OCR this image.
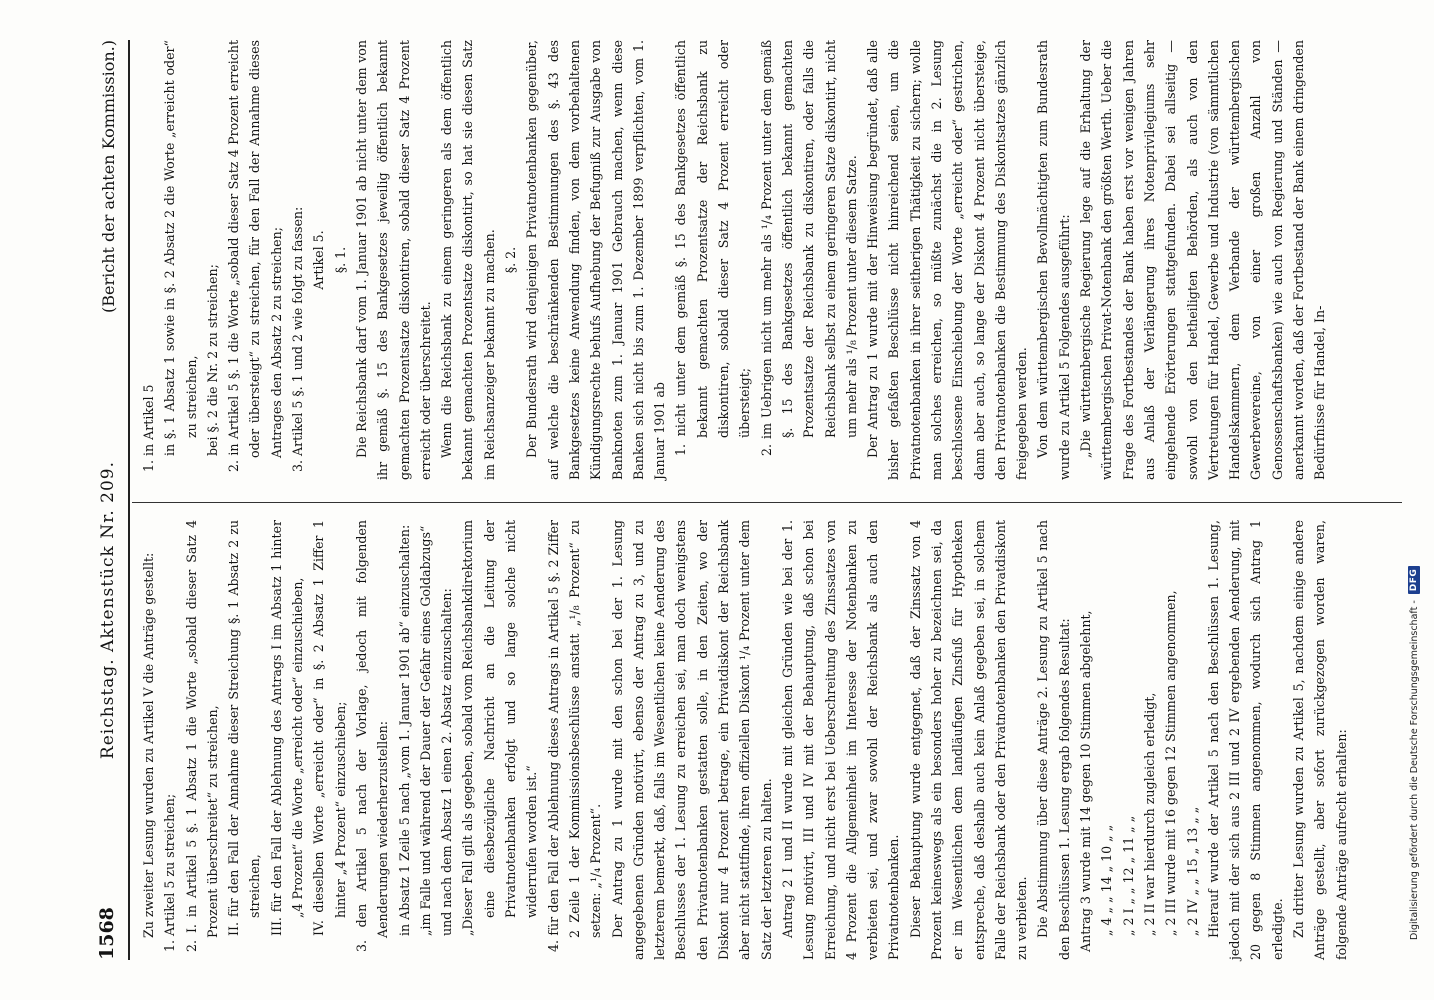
1568
Reichstag. Aktenstück Nr. 209.
(Bericht der achten Kommission.)

Zu zweiter Lesung wurden zu Artikel V die Anträge gestellt: 1. Artikel 5 zu streichen; 2. I. in Artikel 5 §. 1 Absatz 1 die Worte „sobald dieser Satz 4 Prozent überschreitet“ zu streichen, II. für den Fall der Annahme dieser Streichung §. 1 Absatz 2 zu streichen, III. für den Fall der Ablehnung des Antrags I im Absatz 1 hinter „4 Prozent“ die Worte „erreicht oder“ einzuschieben, IV. dieselben Worte „erreicht oder“ in §. 2 Absatz 1 Ziffer 1 hinter „4 Prozent“ einzuschieben; 3. den Artikel 5 nach der Vorlage, jedoch mit folgenden Aenderungen wiederherzustellen: in Absatz 1 Zeile 5 nach „vom 1. Januar 1901 ab“ einzuschalten: „im Falle und während der Dauer der Gefahr eines Goldabzugs“ und nach dem Absatz 1 einen 2. Absatz einzuschalten: „Dieser Fall gilt als gegeben, sobald vom Reichsbankdirektorium eine diesbezügliche Nachricht an die Leitung der Privatnotenbanken erfolgt und so lange solche nicht widerrufen worden ist.“ 4. für den Fall der Ablehnung dieses Antrags in Artikel 5 §. 2 Ziffer 2 Zeile 1 der Kommissionsbeschlüsse anstatt „¹/₈ Prozent“ zu setzen: „¹/₄ Prozent“. Der Antrag zu 1 wurde mit den schon bei der 1. Lesung angegebenen Gründen motivirt, ebenso der Antrag zu 3, und zu letzterem bemerkt, daß, falls im Wesentlichen keine Aenderung des Beschlusses der 1. Lesung zu erreichen sei, man doch wenigstens den Privatnotenbanken gestatten solle, in den Zeiten, wo der Diskont nur 4 Prozent betrage, ein Privatdiskont der Reichsbank aber nicht stattfinde, ihren offiziellen Diskont ¹/₄ Prozent unter dem Satz der letzteren zu halten. Antrag 2 I und II wurde mit gleichen Gründen wie bei der 1. Lesung motivirt, III und IV mit der Behauptung, daß schon bei Erreichung, und nicht erst bei Ueberschreitung des Zinssatzes von 4 Prozent die Allgemeinheit im Interesse der Notenbanken zu verbieten sei, und zwar sowohl der Reichsbank als auch den Privatnotenbanken. Dieser Behauptung wurde entgegnet, daß der Zinssatz von 4 Prozent keineswegs als ein besonders hoher zu bezeichnen sei, da er im Wesentlichen dem landläufigen Zinsfuß für Hypotheken entspreche, daß deshalb auch kein Anlaß gegeben sei, in solchem Falle der Reichsbank oder den Privatnotenbanken den Privatdiskont zu verbieten. Die Abstimmung über diese Anträge 2. Lesung zu Artikel 5 nach den Beschlüssen 1. Lesung ergab folgendes Resultat: Antrag 3 wurde mit 14 gegen 10 Stimmen abgelehnt, „ 4 „ „ 14 „ 10 „ „ „ 2 I „ „ 12 „ 11 „ „ „ 2 II war hierdurch zugleich erledigt, „ 2 III wurde mit 16 gegen 12 Stimmen angenommen, „ 2 IV „ „ 15 „ 13 „ „ Hierauf wurde der Artikel 5 nach den Beschlüssen 1. Lesung, jedoch mit der sich aus 2 III und 2 IV ergebenden Aenderung, mit 20 gegen 8 Stimmen angenommen, wodurch sich Antrag 1 erledigte. Zu dritter Lesung wurden zu Artikel 5, nachdem einige andere Anträge gestellt, aber sofort zurückgezogen worden waren, folgende Anträge aufrecht erhalten:

1. in Artikel 5 in §. 1 Absatz 1 sowie in §. 2 Absatz 2 die Worte „erreicht oder“ zu streichen, bei §. 2 die Nr. 2 zu streichen; 2. in Artikel 5 §. 1 die Worte „sobald dieser Satz 4 Prozent erreicht oder übersteigt“ zu streichen, für den Fall der Annahme dieses Antrages den Absatz 2 zu streichen; 3. Artikel 5 §. 1 und 2 wie folgt zu fassen: Artikel 5. §. 1. Die Reichsbank darf vom 1. Januar 1901 ab nicht unter dem von ihr gemäß §. 15 des Bankgesetzes jeweilig öffentlich bekannt gemachten Prozentsatze diskontiren, sobald dieser Satz 4 Prozent erreicht oder überschreitet. Wenn die Reichsbank zu einem geringeren als dem öffentlich bekannt gemachten Prozentsatze diskontirt, so hat sie diesen Satz im Reichsanzeiger bekannt zu machen. §. 2. Der Bundesrath wird denjenigen Privatnotenbanken gegenüber, auf welche die beschränkenden Bestimmungen des §. 43 des Bankgesetzes keine Anwendung finden, von dem vorbehaltenen Kündigungsrechte behufs Aufhebung der Befugniß zur Ausgabe von Banknoten zum 1. Januar 1901 Gebrauch machen, wenn diese Banken sich nicht bis zum 1. Dezember 1899 verpflichten, vom 1. Januar 1901 ab 1. nicht unter dem gemäß §. 15 des Bankgesetzes öffentlich bekannt gemachten Prozentsatze der Reichsbank zu diskontiren, sobald dieser Satz 4 Prozent erreicht oder übersteigt; 2. im Uebrigen nicht um mehr als ¹/₄ Prozent unter dem gemäß §. 15 des Bankgesetzes öffentlich bekannt gemachten Prozentsatze der Reichsbank zu diskontiren, oder falls die Reichsbank selbst zu einem geringeren Satze diskontirt, nicht um mehr als ¹/₈ Prozent unter diesem Satze. Der Antrag zu 1 wurde mit der Hinweisung begründet, daß alle bisher gefaßten Beschlüsse nicht hinreichend seien, um die Privatnotenbanken in ihrer seitherigen Thätigkeit zu sichern; wolle man solches erreichen, so müßte zunächst die in 2. Lesung beschlossene Einschiebung der Worte „erreicht oder“ gestrichen, dann aber auch, so lange der Diskont 4 Prozent nicht übersteige, den Privatnotenbanken die Bestimmung des Diskontsatzes gänzlich freigegeben werden. Von dem württembergischen Bevollmächtigten zum Bundesrath wurde zu Artikel 5 Folgendes ausgeführt: „Die württembergische Regierung lege auf die Erhaltung der württembergischen Privat-Notenbank den größten Werth. Ueber die Frage des Fortbestandes der Bank haben erst vor wenigen Jahren aus Anlaß der Verlängerung ihres Notenprivilegiums sehr eingehende Erörterungen stattgefunden. Dabei sei allseitig — sowohl von den betheiligten Behörden, als auch von den Vertretungen für Handel, Gewerbe und Industrie (von sämmtlichen Handelskammern, dem Verbande der württembergischen Gewerbevereine, von einer großen Anzahl von Genossenschaftsbanken) wie auch von Regierung und Ständen — anerkannt worden, daß der Fortbestand der Bank einem dringenden Bedürfnisse für Handel, In-

Digitalisierung gefördert durch die Deutsche Forschungsgemeinschaft -
DFG
